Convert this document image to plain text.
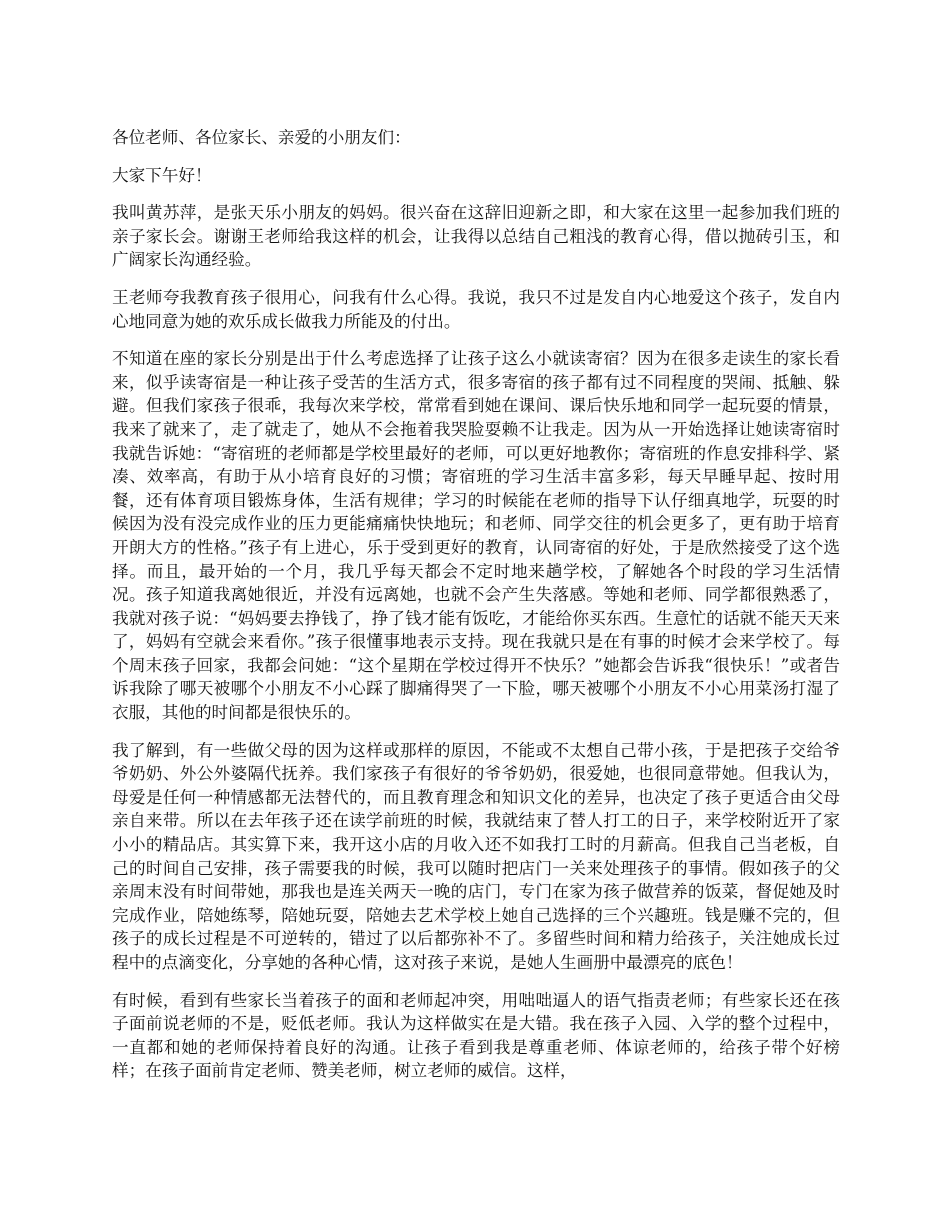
各位老师、各位家长、亲爱的小朋友们：

大家下午好！

我叫黄苏萍，是张天乐小朋友的妈妈。很兴奋在这辞旧迎新之即，和大家在这里一起参加我们班的亲子家长会。谢谢王老师给我这样的机会，让我得以总结自己粗浅的教育心得，借以抛砖引玉，和广阔家长沟通经验。

王老师夸我教育孩子很用心，问我有什么心得。我说，我只不过是发自内心地爱这个孩子，发自内心地同意为她的欢乐成长做我力所能及的付出。

不知道在座的家长分别是出于什么考虑选择了让孩子这么小就读寄宿？因为在很多走读生的家长看来，似乎读寄宿是一种让孩子受苦的生活方式，很多寄宿的孩子都有过不同程度的哭闹、抵触、躲避。但我们家孩子很乖，我每次来学校，常常看到她在课间、课后快乐地和同学一起玩耍的情景，我来了就来了，走了就走了，她从不会拖着我哭脸耍赖不让我走。因为从一开始选择让她读寄宿时我就告诉她：“寄宿班的老师都是学校里最好的老师，可以更好地教你；寄宿班的作息安排科学、紧凑、效率高，有助于从小培育良好的习惯；寄宿班的学习生活丰富多彩，每天早睡早起、按时用餐，还有体育项目锻炼身体，生活有规律；学习的时候能在老师的指导下认仔细真地学，玩耍的时候因为没有没完成作业的压力更能痛痛快快地玩；和老师、同学交往的机会更多了，更有助于培育开朗大方的性格。”孩子有上进心，乐于受到更好的教育，认同寄宿的好处，于是欣然接受了这个选择。而且，最开始的一个月，我几乎每天都会不定时地来趟学校，了解她各个时段的学习生活情况。孩子知道我离她很近，并没有远离她，也就不会产生失落感。等她和老师、同学都很熟悉了，我就对孩子说：“妈妈要去挣钱了，挣了钱才能有饭吃，才能给你买东西。生意忙的话就不能天天来了，妈妈有空就会来看你。”孩子很懂事地表示支持。现在我就只是在有事的时候才会来学校了。每个周末孩子回家，我都会问她：“这个星期在学校过得开不快乐？”她都会告诉我“很快乐！”或者告诉我除了哪天被哪个小朋友不小心踩了脚痛得哭了一下脸，哪天被哪个小朋友不小心用菜汤打湿了衣服，其他的时间都是很快乐的。

我了解到，有一些做父母的因为这样或那样的原因，不能或不太想自己带小孩，于是把孩子交给爷爷奶奶、外公外婆隔代抚养。我们家孩子有很好的爷爷奶奶，很爱她，也很同意带她。但我认为，母爱是任何一种情感都无法替代的，而且教育理念和知识文化的差异，也决定了孩子更适合由父母亲自来带。所以在去年孩子还在读学前班的时候，我就结束了替人打工的日子，来学校附近开了家小小的精品店。其实算下来，我开这小店的月收入还不如我打工时的月薪高。但我自己当老板，自己的时间自己安排，孩子需要我的时候，我可以随时把店门一关来处理孩子的事情。假如孩子的父亲周末没有时间带她，那我也是连关两天一晚的店门，专门在家为孩子做营养的饭菜，督促她及时完成作业，陪她练琴，陪她玩耍，陪她去艺术学校上她自己选择的三个兴趣班。钱是赚不完的，但孩子的成长过程是不可逆转的，错过了以后都弥补不了。多留些时间和精力给孩子，关注她成长过程中的点滴变化，分享她的各种心情，这对孩子来说，是她人生画册中最漂亮的底色！

有时候，看到有些家长当着孩子的面和老师起冲突，用咄咄逼人的语气指责老师；有些家长还在孩子面前说老师的不是，贬低老师。我认为这样做实在是大错。我在孩子入园、入学的整个过程中，一直都和她的老师保持着良好的沟通。让孩子看到我是尊重老师、体谅老师的，给孩子带个好榜样；在孩子面前肯定老师、赞美老师，树立老师的威信。这样，
